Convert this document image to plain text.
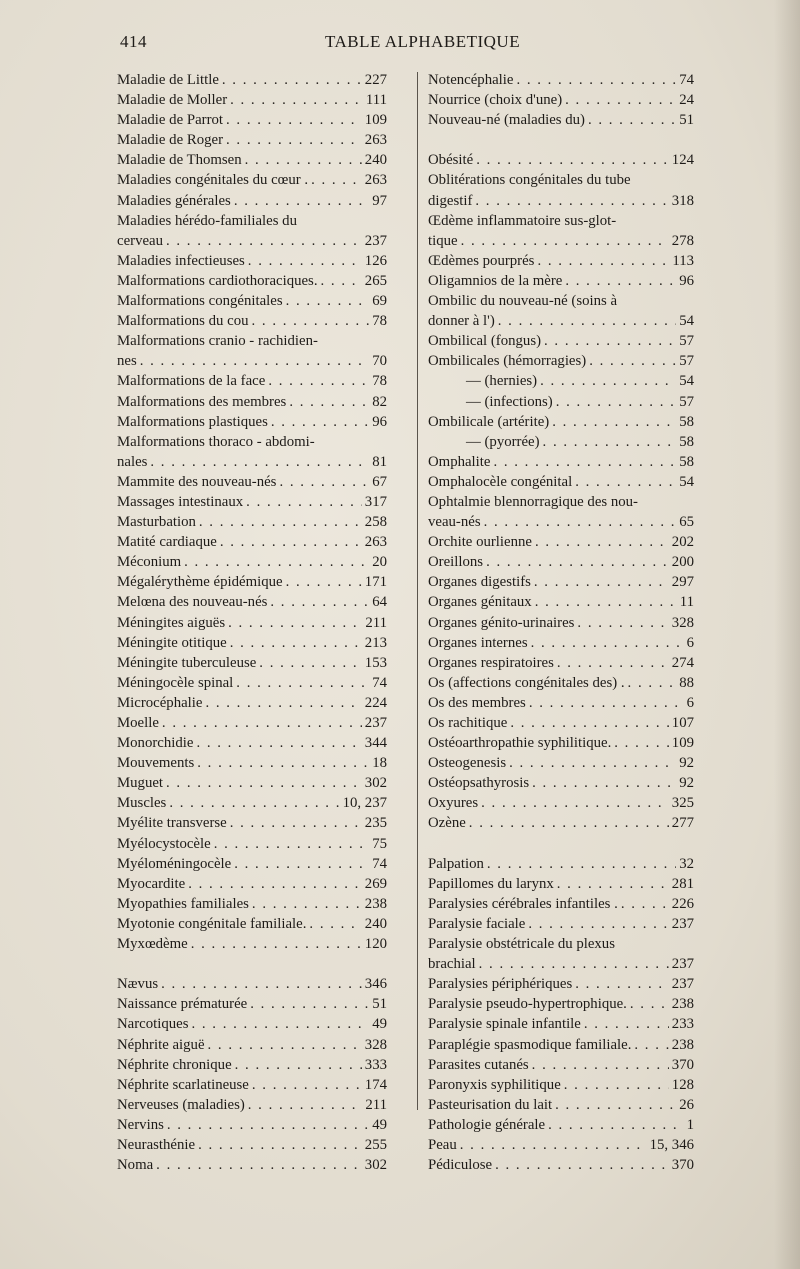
414	TABLE ALPHABETIQUE
Maladie de Little . . .	227
Maladie de Moller . . .	111
Maladie de Parrot . . .	109
Maladie de Roger . . .	263
Maladie de Thomsen . . .	240
Maladies congénitales du cœur . . . .	263
Maladies générales . . .	97
Maladies hérédo-familiales du
cerveau . . .	237
Maladies infectieuses . . .	126
Malformations cardiothoraciques. . . .	265
Malformations congénitales . . .	69
Malformations du cou . . .	78
Malformations cranio - rachidien-
nes . . .	70
Malformations de la face . . .	78
Malformations des membres . . .	82
Malformations plastiques . . .	96
Malformations thoraco - abdomi-
nales . . .	81
Mammite des nouveau-nés . . .	67
Massages intestinaux . . .	317
Masturbation . . .	258
Matité cardiaque . . .	263
Méconium . . .	20
Mégalérythème épidémique . . .	171
Melœna des nouveau-nés . . .	64
Méningites aiguës . . .	211
Méningite otitique . . .	213
Méningite tuberculeuse . . .	153
Méningocèle spinal . . .	74
Microcéphalie . . .	224
Moelle . . .	237
Monorchidie . . .	344
Mouvements . . .	18
Muguet . . .	302
Muscles . . .	10, 237
Myélite transverse . . .	235
Myélocystocèle . . .	75
Myéloméningocèle . . .	74
Myocardite . . .	269
Myopathies familiales . . .	238
Myotonie congénitale familiale. . . .	240
Myxœdème . . .	120
Nævus . . .	346
Naissance prématurée . . .	51
Narcotiques . . .	49
Néphrite aiguë . . .	328
Néphrite chronique . . .	333
Néphrite scarlatineuse . . .	174
Nerveuses (maladies) . . .	211
Nervins . . .	49
Neurasthénie . . .	255
Noma . . .	302
Notencéphalie . . .	74
Nourrice (choix d'une) . . .	24
Nouveau-né (maladies du) . . .	51
Obésité . . .	124
Oblitérations congénitales du tube
digestif . . .	318
Œdème inflammatoire sus-glot-
tique . . .	278
Œdèmes pourprés . . .	113
Oligamnios de la mère . . .	96
Ombilic du nouveau-né (soins à
donner à l') . . .	54
Ombilical (fongus) . . .	57
Ombilicales (hémorragies) . . .	57
— (hernies) . . .	54
— (infections) . . .	57
Ombilicale (artérite) . . .	58
— (pyorrée) . . .	58
Omphalite . . .	58
Omphalocèle congénital . . .	54
Ophtalmie blennorragique des nou-
veau-nés . . .	65
Orchite ourlienne . . .	202
Oreillons . . .	200
Organes digestifs . . .	297
Organes génitaux . . .	11
Organes génito-urinaires . . .	328
Organes internes . . .	6
Organes respiratoires . . .	274
Os (affections congénitales des) . . . .	88
Os des membres . . .	6
Os rachitique . . .	107
Ostéoarthropathie syphilitique. . . .	109
Osteogenesis . . .	92
Ostéopsathyrosis . . .	92
Oxyures . . .	325
Ozène . . .	277
Palpation . . .	32
Papillomes du larynx . . .	281
Paralysies cérébrales infantiles . . . .	226
Paralysie faciale . . .	237
Paralysie obstétricale du plexus
brachial . . .	237
Paralysies périphériques . . .	237
Paralysie pseudo-hypertrophique. . . .	238
Paralysie spinale infantile . . .	233
Paraplégie spasmodique familiale. . . .	238
Parasites cutanés . . .	370
Paronyxis syphilitique . . .	128
Pasteurisation du lait . . .	26
Pathologie générale . . .	1
Peau . . .	15, 346
Pédiculose . . .	370
